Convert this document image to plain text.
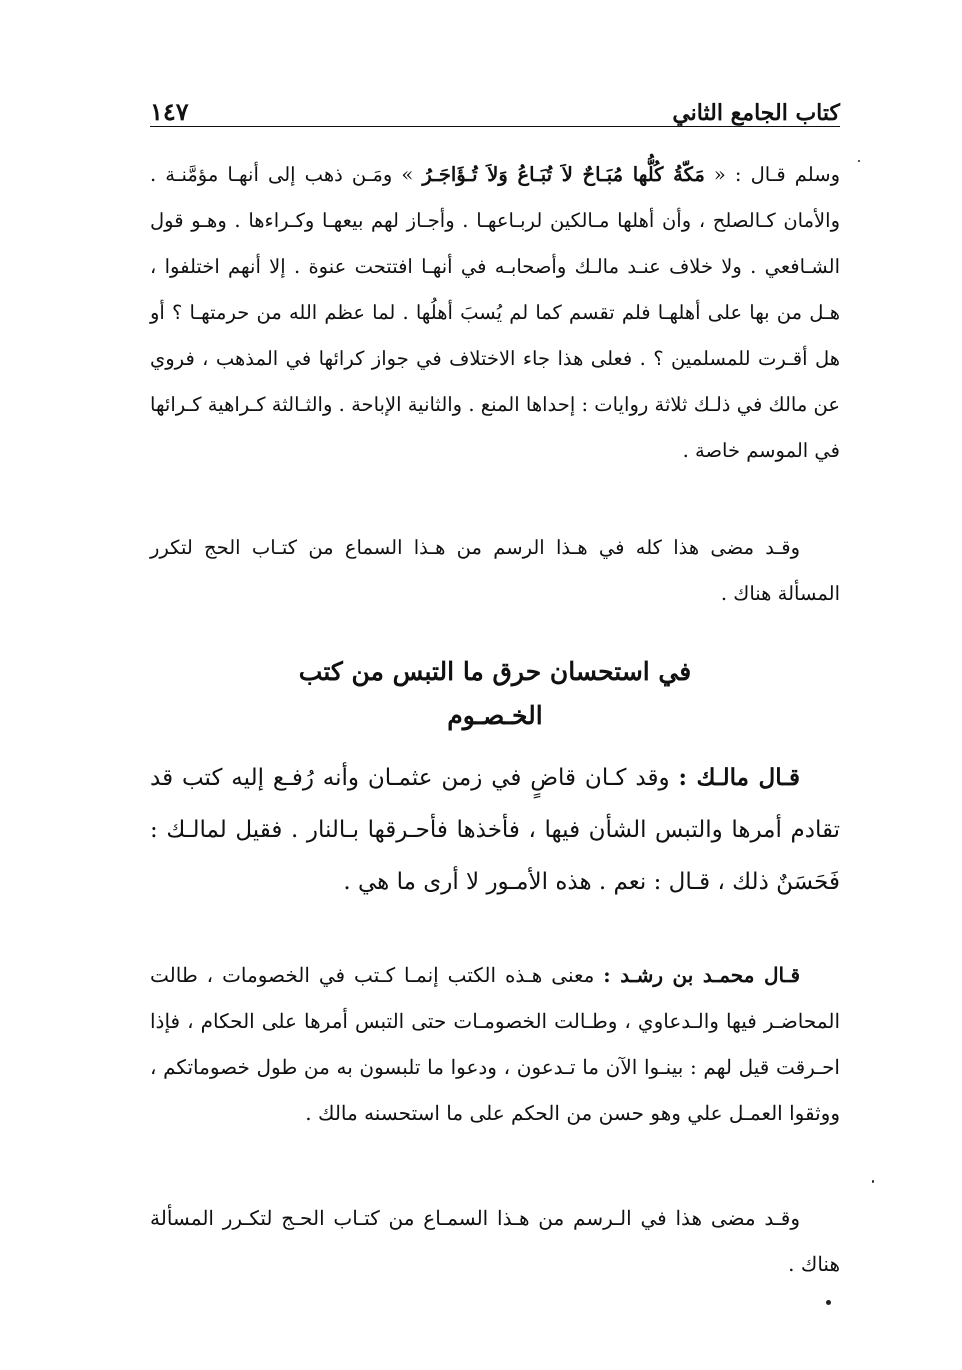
كتاب الجامع الثاني
١٤٧
وسلم قـال : « مَكّةُ كُلُّها مُبَـاحٌ لاَ تُبَـاعُ وَلاَ تُـؤَاجَـرُ » ومَـن ذهب إلى أنهـا مؤمَّنـة . والأمان كـالصلح ، وأن أهلها مـالكين لربـاعهـا . وأجـاز لهم بيعهـا وكـراءها . وهـو قول الشـافعي . ولا خلاف عنـد مالـك وأصحابـه في أنهـا افتتحت عنوة . إلا أنهم اختلفوا ، هـل من بها على أهلهـا فلم تقسم كما لم يُسبَ أهلُها . لما عظم الله من حرمتهـا ؟ أو هل أقـرت للمسلمين ؟ . فعلى هذا جاء الاختلاف في جواز كرائها في المذهب ، فروي عن مالك في ذلـك ثلاثة روايات : إحداها المنع . والثانية الإباحة . والثـالثة كـراهية كـرائها في الموسم خاصة .
وقـد مضى هذا كله في هـذا الرسم من هـذا السماع من كتـاب الحج لتكرر المسألة هناك .
في استحسان حرق ما التبس من كتب
الخـصـوم
قـال مالـك : وقد كـان قاضٍ في زمن عثمـان وأنه رُفـع إليه كتب قد تقادم أمرها والتبس الشأن فيها ، فأخذها فأحـرقها بـالنار . فقيل لمالـك : فَحَسَنٌ ذلك ، قـال : نعم . هذه الأمـور لا أرى ما هي .
قـال محمـد بن رشـد : معنى هـذه الكتب إنمـا كـتب في الخصومات ، طالت المحاضـر فيها والـدعاوي ، وطـالت الخصومـات حتى التبس أمرها على الحكام ، فإذا احـرقت قيل لهم : بينـوا الآن ما تـدعون ، ودعوا ما تلبسون به من طول خصوماتكم ، ووثقوا العمـل علي وهو حسن من الحكم على ما استحسنه مالك .
وقـد مضى هذا في الـرسم من هـذا السمـاع من كتـاب الحـج لتكـرر المسألة هناك .
